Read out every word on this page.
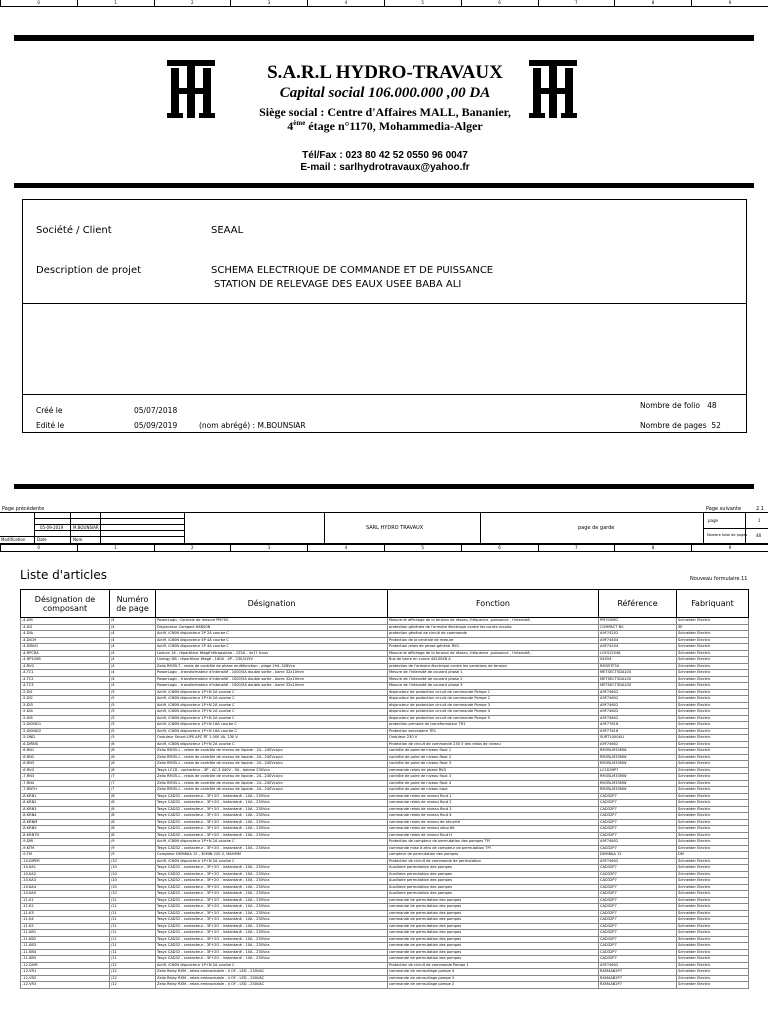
0	1	2	3	4	5	6	7	8	9
S.A.R.L HYDRO-TRAVAUX
Capital social 106.000.000 ,00 DA
Siège social : Centre d'Affaires MALL, Bananier,
4ème étage n°1170, Mohammedia-Alger
Tél/Fax : 023 80 42 52 0550 96 0047
E-mail : sarlhydrotravaux@yahoo.fr
Société / Client	SEAAL
Description de projet	SCHEMA ELECTRIQUE DE COMMANDE ET DE PUISSANCE
STATION DE RELEVAGE DES EAUX USEE BABA ALI
Créé le	05/07/2018
Edité le	05/09/2019	(nom abrégé) : M.BOUNSIAR
Nombre de folio 48
Nombre de pages 52
Page précédente	Page suivante	2.1
05-09-2019 M.BOUNSIAR
Modification	Date	Nom
SARL HYDRO TRAVAUX	page de garde
page	1
Nombre total de pages 48
0	1	2	3	4	5	6	7	8	9
Liste d'articles	Nouveau formulaire 11
Désignation de composant	Numéro de page	Désignation	Fonction	Référence	Fabriquant
-4.DM	/4	PowerLogic, Centrale de mesure PM700	Mesure et affichage de la tension de réseau ,fréquence ,puissance , l'intensité,	PM700MG	Schneider Electric
-4.DG	/4	Disjoncteur Compact NS800N	protection générale de l'armoire électrique contre les courts circuits	COMPACT NS	SE
-4.DIA	/4	Acti9, iC60N disjoncteur 2P 2A courbe C	protection général de circuit de commande	A9F74202	Schneider Electric
-4.DICM	/4	Acti9, iC60N disjoncteur 4P 4A courbe C	Protection de la centrale de mesure	A9F74404	Schneider Electric
-4.DIRVG	/4	Acti9, iC60N disjoncteur 2P 4A courbe C	Protection relais de phase général RVG	A9F74204	Schneider Electric
-4.RPCRA	/4	Lexium 16 - répartiteur étagé tétrapolaire - 125A - 4x17 trous	Mesure et affichage de la tension de réseau ,fréquence ,puissance , l'intensité,	LGY412548	Schneider Electric
-4.RP100B	/4	Linergy DB - répartiteur étagé - 160A - 4P - 230/415V	Bus de barre en cuivre 4X100X8 A	04054	Schneider Electric
-4.RVG	/4	Zelio RM35-T - relais de contrôle de phase multifonction - plage 194..528Vca	protection de l'armoire électrique contre les variations de tension	RM35TF30	Schneider Electric
-4.TC1	/4	PowerLogic - transformateur d'intensité - 1000/5A double sortie - barre 32x10mm	Mesure de l'intensité de courant phase 1	METSECT5DA100	Schneider Electric
-4.TC2	/4	PowerLogic - transformateur d'intensité - 1000/5A double sortie - barre 32x10mm	Mesure de l'intensité de courant phase 2	METSECT5DA100	Schneider Electric
-4.TC3	/4	PowerLogic - transformateur d'intensité - 1000/5A double sortie - barre 32x10mm	Mesure de l'intensité de courant phase 3	METSECT5DA100	Schneider Electric
-5.DI1	/5	Acti9, iC60N disjoncteur 1P+N 2A courbe C	disjoncteur de protection circuit de commande Pompe 1	A9F74602	Schneider Electric
-5.DI2	/5	Acti9, iC60N disjoncteur 1P+N 2A courbe C	disjoncteur de protection circuit de commande Pompe 2	A9F74602	Schneider Electric
-5.DI3	/5	Acti9, iC60N disjoncteur 1P+N 2A courbe C	disjoncteur de protection circuit de commande Pompe 3	A9F74602	Schneider Electric
-5.DI4	/5	Acti9, iC60N disjoncteur 1P+N 2A courbe C	disjoncteur de protection circuit de commande Pompe 4	A9F74602	Schneider Electric
-5.DI5	/5	Acti9, iC60N disjoncteur 1P+N 2A courbe C	disjoncteur de protection circuit de commande Pompe 5	A9F74602	Schneider Electric
-5.DIOND1	/5	Acti9, iC60N disjoncteur 1P+N 16A courbe C	protection primaire de transformateur TR1	A9F77616	Schneider Electric
-5.DIOND2	/5	Acti9, iC60N disjoncteur 1P+N 16A courbe C	Protection secondaire TR1	A9F77616	Schneider Electric
-5.OND	/5	Onduleur Smart-UPS APC RT 1 000 VA, 230 V	Onduleur 230 V	SURT1000XLI	Schneider Electric
-6.DIRNS	/6	Acti9, iC60N disjoncteur 1P+N 2A courbe C	Protection de circuit de commande 230 V des relais de niveau	A9F74602	Schneider Electric
-6.RN1	/6	Zelio RM35-L - relais de contrôle de niveau de liquide - 24...240Vca/cc	contrôle de poire de niveau flout 1	RM35LM33MW	Schneider Electric
-6.RN2	/6	Zelio RM35-L - relais de contrôle de niveau de liquide - 24...240Vca/cc	contrôle de poire de niveau flout 2	RM35LM33MW	Schneider Electric
-6.RN3	/6	Zelio RM35-L - relais de contrôle de niveau de liquide - 24...240Vca/cc	contrôle de poire de niveau flout 3	RM35LM33MW	Schneider Electric
-6.RVG	/6	Tesys LC1D - contacteur - 3P - AC-3 440V - 9A - bobine 230Vca	commande relais de phase RVG	LC1D09P7	Schneider Electric
-7.RN3	/7	Zelio RM35-L - relais de contrôle de niveau de liquide - 24...240Vca/cc	contrôle de poire de niveau flout 3	RM35LM33MW	Schneider Electric
-7.RN4	/7	Zelio RM35-L - relais de contrôle de niveau de liquide - 24...240Vca/cc	contrôle de poire de niveau flout 4	RM35LM33MW	Schneider Electric
-7.RNTH	/7	Zelio RM35-L - relais de contrôle de niveau de liquide - 24...240Vca/cc	contrôle de poire de niveau haut	RM35LM33MW	Schneider Electric
-8.KRN1	/8	Tesys CAD32 - contacteur - 3F+2O - instantané - 10A - 230Vca	commande relais de niveau flout 1	CAD32P7	Schneider Electric
-8.KRN2	/8	Tesys CAD32 - contacteur - 3F+2O - instantané - 10A - 230Vca	commande relais de niveau flout 2	CAD32P7	Schneider Electric
-8.KRN3	/8	Tesys CAD32 - contacteur - 3F+2O - instantané - 10A - 230Vca	commande relais de niveau flout 3	CAD32P7	Schneider Electric
-8.KRN4	/8	Tesys CAD32 - contacteur - 3F+2O - instantané - 10A - 230Vca	commande relais de niveau flout 4	CAD32P7	Schneider Electric
-8.KRNM	/8	Tesys CAD32 - contacteur - 3F+2O - instantané - 10A - 230Vca	commande relais de niveau de sécurité	CAD32P7	Schneider Electric
-8.KRNS	/8	Tesys CAD32 - contacteur - 3F+2O - instantané - 10A - 230Vca	commande relais de niveau sécurité	CAD32P7	Schneider Electric
-8.KRNTH	/8	Tesys CAD32 - contacteur - 3F+2O - instantané - 10A - 230Vca	commande relais de niveau flout H	CAD32P7	Schneider Electric
-9.DIR	/9	Acti9, iC60N disjoncteur 1P+N 2A courbe C	Protection de compteur de permutation des pompes TPI	A9F74602	Schneider Electric
-9.KTM	/9	Tesys CAD32 - contacteur - 3F+2O - instantané - 10A - 230Vca	commande mise à zéro de compteur de permutation TPI	CAD32P7	Schneider Electric
-9.TM	/9	Compteur DHM8AA 12 , 30MIN 220 V, MAHMM	compteur de permutation des pompes	DHM8AA 12	DM
-10.DIPER	/10	Acti9, iC60N disjoncteur 1P+N 2A courbe C	Protection de circuit de commande de permutation	A9F74602	Schneider Electric
-10.KA1	/10	Tesys CAD32 - contacteur - 3F+2O - instantané - 10A - 230Vca	Auxiliaire permutation des pompes	CAD32P7	Schneider Electric
-10.KA2	/10	Tesys CAD32 - contacteur - 3F+2O - instantané - 10A - 230Vca	Auxiliaire permutation des pompes	CAD32P7	Schneider Electric
-10.KA3	/10	Tesys CAD32 - contacteur - 3F+2O - instantané - 10A - 230Vca	Auxiliaire permutation des pompes	CAD32P7	Schneider Electric
-10.KA4	/10	Tesys CAD32 - contacteur - 3F+2O - instantané - 10A - 230Vca	Auxiliaire permutation des pompes	CAD32P7	Schneider Electric
-10.KA5	/10	Tesys CAD32 - contacteur - 3F+2O - instantané - 10A - 230Vca	Auxiliaire permutation des pompes	CAD32P7	Schneider Electric
-11.K1	/11	Tesys CAD32 - contacteur - 3F+2O - instantané - 10A - 230Vca	commande de permutation des pompes	CAD32P7	Schneider Electric
-11.K2	/11	Tesys CAD32 - contacteur - 3F+2O - instantané - 10A - 230Vca	commande de permutation des pompes	CAD32P7	Schneider Electric
-11.K3	/11	Tesys CAD32 - contacteur - 3F+2O - instantané - 10A - 230Vca	commande de permutation des pompes	CAD32P7	Schneider Electric
-11.K4	/11	Tesys CAD32 - contacteur - 3F+2O - instantané - 10A - 230Vca	commande de permutation des pompes	CAD32P7	Schneider Electric
-11.K5	/11	Tesys CAD32 - contacteur - 3F+2O - instantané - 10A - 230Vca	commande de permutation des pompes	CAD32P7	Schneider Electric
-11.KB1	/11	Tesys CAD32 - contacteur - 3F+2O - instantané - 10A - 230Vca	commande de permutation des pompes	CAD32P7	Schneider Electric
-11.KB2	/11	Tesys CAD32 - contacteur - 3F+2O - instantané - 10A - 230Vca	commande de permutation des pompes	CAD32P7	Schneider Electric
-11.KB3	/11	Tesys CAD32 - contacteur - 3F+2O - instantané - 10A - 230Vca	commande de permutation des pompes	CAD32P7	Schneider Electric
-11.KB4	/11	Tesys CAD32 - contacteur - 3F+2O - instantané - 10A - 230Vca	commande de permutation des pompes	CAD32P7	Schneider Electric
-11.KB5	/11	Tesys CAD32 - contacteur - 3F+2O - instantané - 10A - 230Vca	commande de permutation des pompes	CAD32P7	Schneider Electric
-12.DIVR	/12	Acti9, iC60N disjoncteur 1P+N 2A courbe C	Protection de circuit de commande Pompe 1	A9F74602	Schneider Electric
-12.VR1	/12	Zelio Relay RXM - relais embrochable - 4 OF - LED - 230VAC	commande de verrouillage pompe 4	RXM4AB2P7	Schneider Electric
-12.VR2	/12	Zelio Relay RXM - relais embrochable - 4 OF - LED - 230VAC	commande de verrouillage pompe 5	RXM4AB2P7	Schneider Electric
-12.VR3	/12	Zelio Relay RXM - relais embrochable - 4 OF - LED - 230VAC	commande de verrouillage pompe 2	RXM4AB2P7	Schneider Electric
